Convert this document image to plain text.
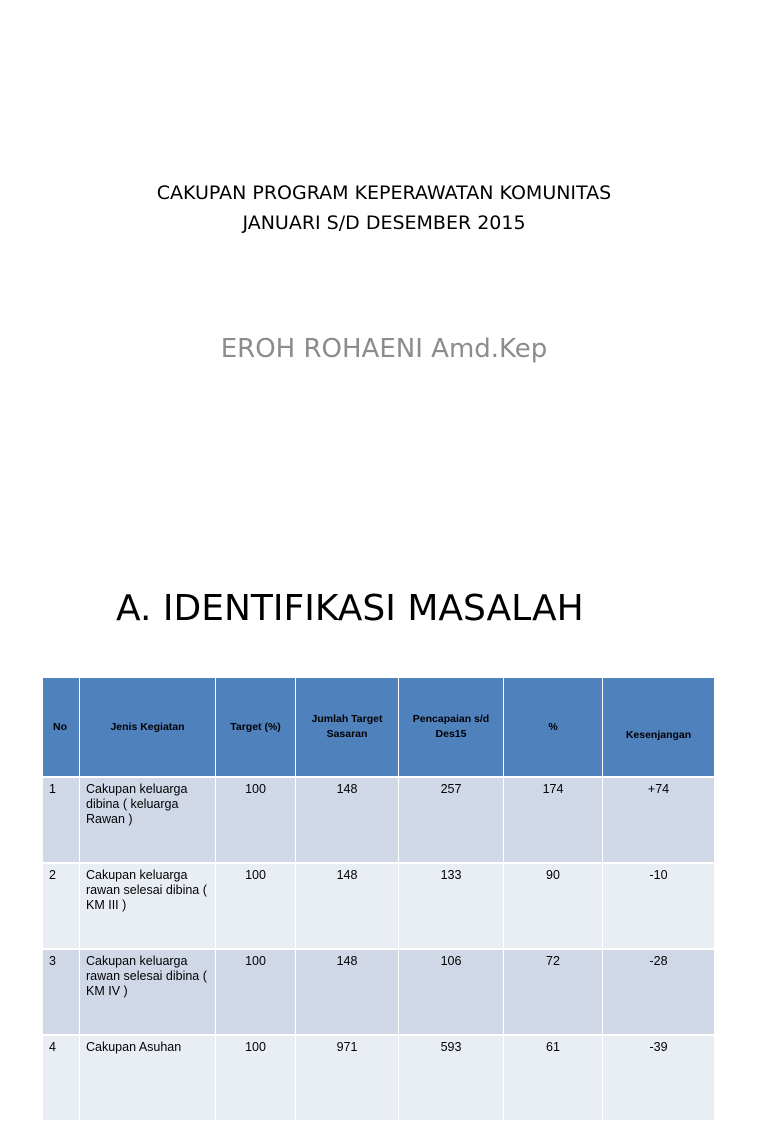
CAKUPAN PROGRAM KEPERAWATAN KOMUNITAS
JANUARI S/D DESEMBER 2015
EROH ROHAENI Amd.Kep
A. IDENTIFIKASI MASALAH
No	Jenis Kegiatan	Target (%)	Jumlah Target Sasaran	Pencapaian s/d Des15	%	Kesenjangan
1	Cakupan keluarga dibina ( keluarga Rawan )	100	148	257	174	+74
2	Cakupan keluarga rawan selesai dibina ( KM III )	100	148	133	90	-10
3	Cakupan keluarga rawan selesai dibina ( KM IV )	100	148	106	72	-28
4	Cakupan Asuhan	100	971	593	61	-39
